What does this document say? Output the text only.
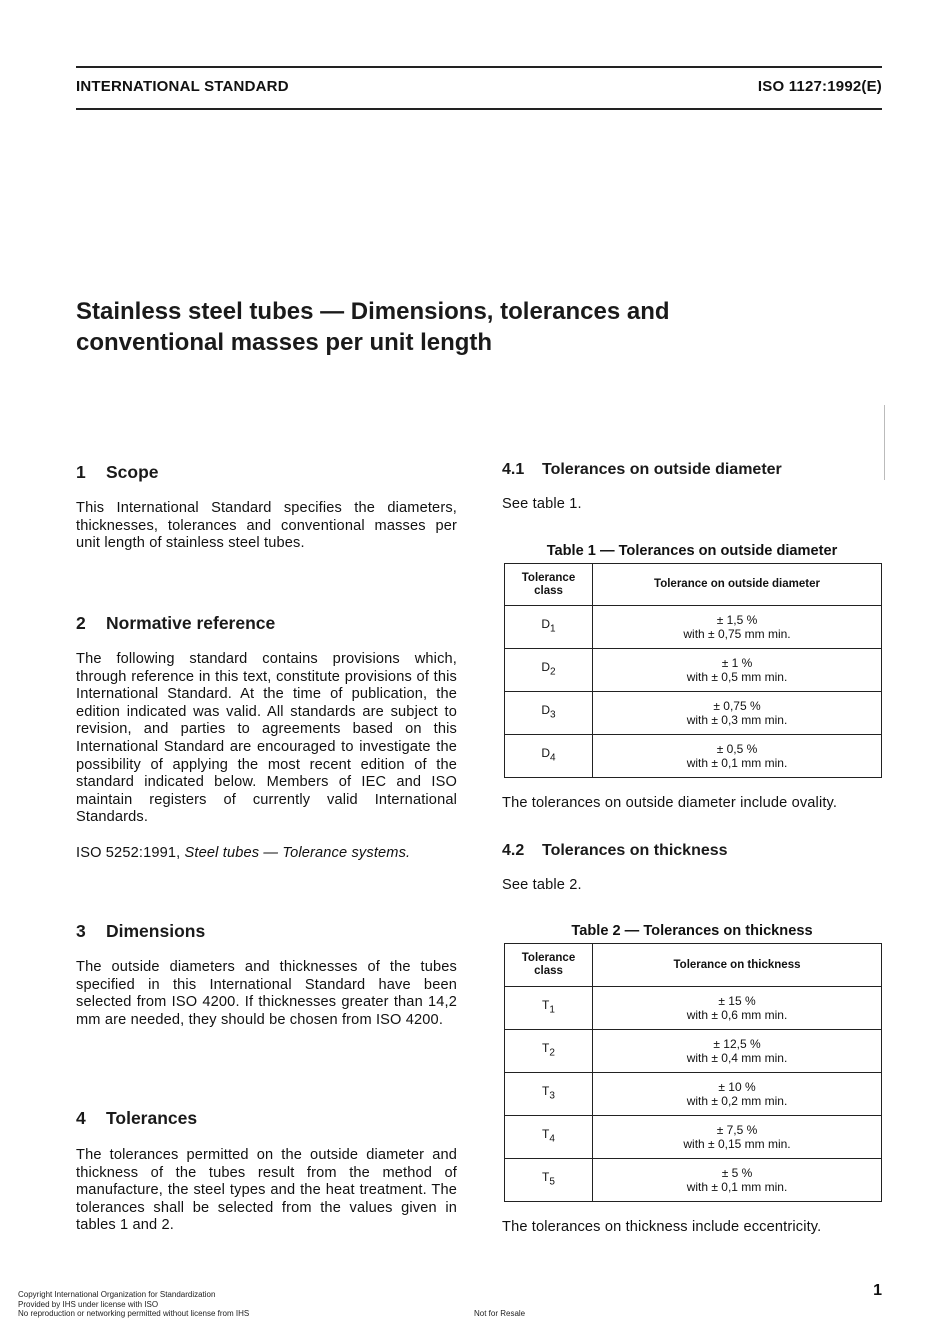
INTERNATIONAL STANDARD	ISO 1127:1992(E)
Stainless steel tubes — Dimensions, tolerances and
conventional masses per unit length
1 Scope
This International Standard specifies the diameters, thicknesses, tolerances and conventional masses per unit length of stainless steel tubes.
2 Normative reference
The following standard contains provisions which, through reference in this text, constitute provisions of this International Standard. At the time of publication, the edition indicated was valid. All standards are subject to revision, and parties to agreements based on this International Standard are encouraged to investigate the possibility of applying the most recent edition of the standard indicated below. Members of IEC and ISO maintain registers of currently valid International Standards.
ISO 5252:1991, Steel tubes — Tolerance systems.
3 Dimensions
The outside diameters and thicknesses of the tubes specified in this International Standard have been selected from ISO 4200. If thicknesses greater than 14,2 mm are needed, they should be chosen from ISO 4200.
4 Tolerances
The tolerances permitted on the outside diameter and thickness of the tubes result from the method of manufacture, the steel types and the heat treatment. The tolerances shall be selected from the values given in tables 1 and 2.
4.1 Tolerances on outside diameter
See table 1.
Table 1 — Tolerances on outside diameter
Tolerance
class	Tolerance on outside diameter
$D_1$	± 1,5 %
with ± 0,75 mm min.

$D_2$	± 1 %
with ± 0,5 mm min.

$D_3$	± 0,75 %
with ± 0,3 mm min.

$D_4$	± 0,5 %
with ± 0,1 mm min.
The tolerances on outside diameter include ovality.
4.2 Tolerances on thickness
See table 2.
Table 2 — Tolerances on thickness
Tolerance
class	Tolerance on thickness
$T_1$	± 15 %
with ± 0,6 mm min.

$T_2$	± 12,5 %
with ± 0,4 mm min.

$T_3$	± 10 %
with ± 0,2 mm min.

$T_4$	± 7,5 %
with ± 0,15 mm min.

$T_5$	± 5 %
with ± 0,1 mm min.
The tolerances on thickness include eccentricity.
Copyright International Organization for Standardization
Provided by IHS under license with ISO
No reproduction or networking permitted without license from IHS	Not for Resale
1
